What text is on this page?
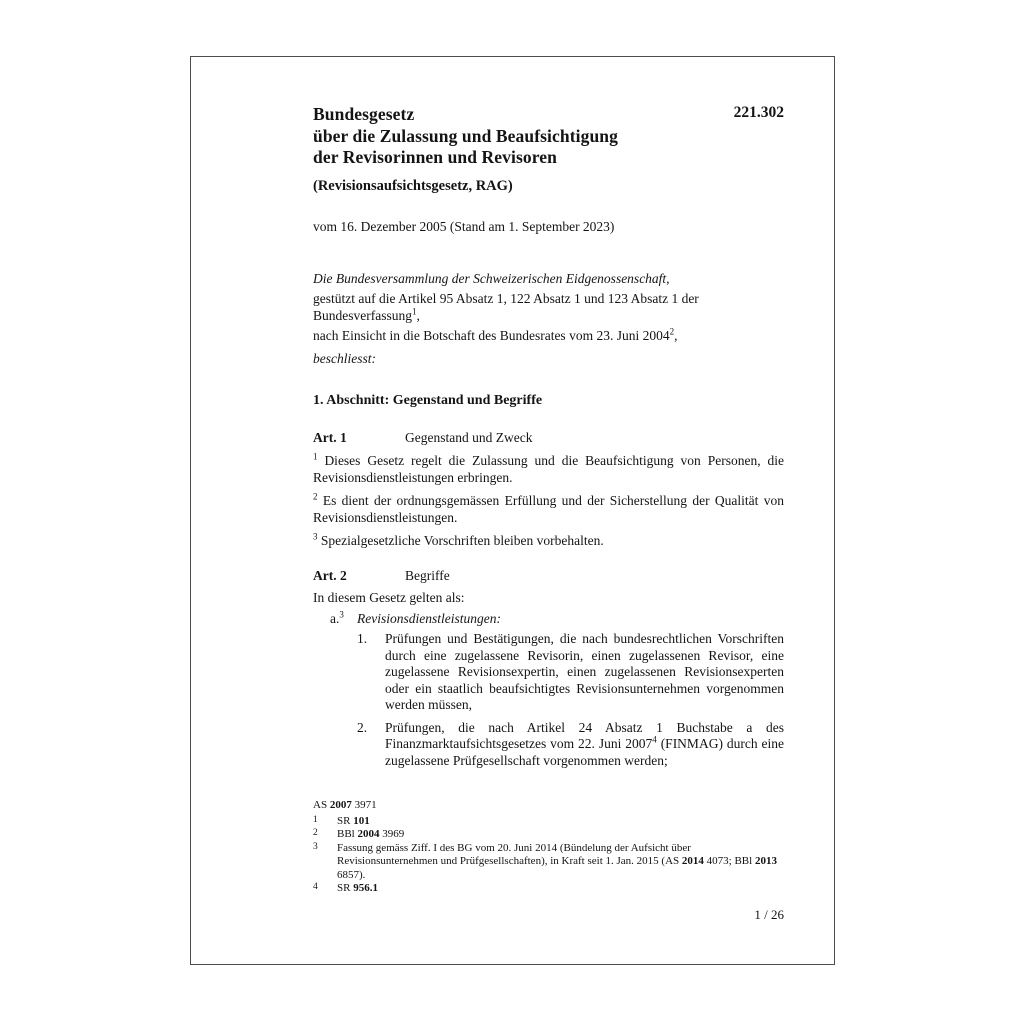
221.302
Bundesgesetz
über die Zulassung und Beaufsichtigung
der Revisorinnen und Revisoren
(Revisionsaufsichtsgesetz, RAG)
vom 16. Dezember 2005 (Stand am 1. September 2023)

Die Bundesversammlung der Schweizerischen Eidgenossenschaft,

gestützt auf die Artikel 95 Absatz 1, 122 Absatz 1 und 123 Absatz 1 der Bundesverfassung$^1$,

nach Einsicht in die Botschaft des Bundesrates vom 23. Juni 2004$^2$,

beschliesst:

1. Abschnitt: Gegenstand und Begriffe
Art. 1	Gegenstand und Zweck

$^1$ Dieses Gesetz regelt die Zulassung und die Beaufsichtigung von Personen, die Revisionsdienstleistungen erbringen.

$^2$ Es dient der ordnungsgemässen Erfüllung und der Sicherstellung der Qualität von Revisionsdienstleistungen.

$^3$ Spezialgesetzliche Vorschriften bleiben vorbehalten.

Art. 2	Begriffe
In diesem Gesetz gelten als:
a.$^3$ Revisionsdienstleistungen:
1. Prüfungen und Bestätigungen, die nach bundesrechtlichen Vorschriften durch eine zugelassene Revisorin, einen zugelassenen Revisor, eine zugelassene Revisionsexpertin, einen zugelassenen Revisionsexperten oder ein staatlich beaufsichtigtes Revisionsunternehmen vorgenommen werden müssen,
2. Prüfungen, die nach Artikel 24 Absatz 1 Buchstabe a des Finanzmarktaufsichtsgesetzes vom 22. Juni 2007$^4$ (FINMAG) durch eine zugelassene Prüfgesellschaft vorgenommen werden;
AS 2007 3971
1 SR 101
2 BBl 2004 3969
3 Fassung gemäss Ziff. I des BG vom 20. Juni 2014 (Bündelung der Aufsicht über Revisionsunternehmen und Prüfgesellschaften), in Kraft seit 1. Jan. 2015 (AS 2014 4073; BBl 2013 6857).
4 SR 956.1
1 / 26
